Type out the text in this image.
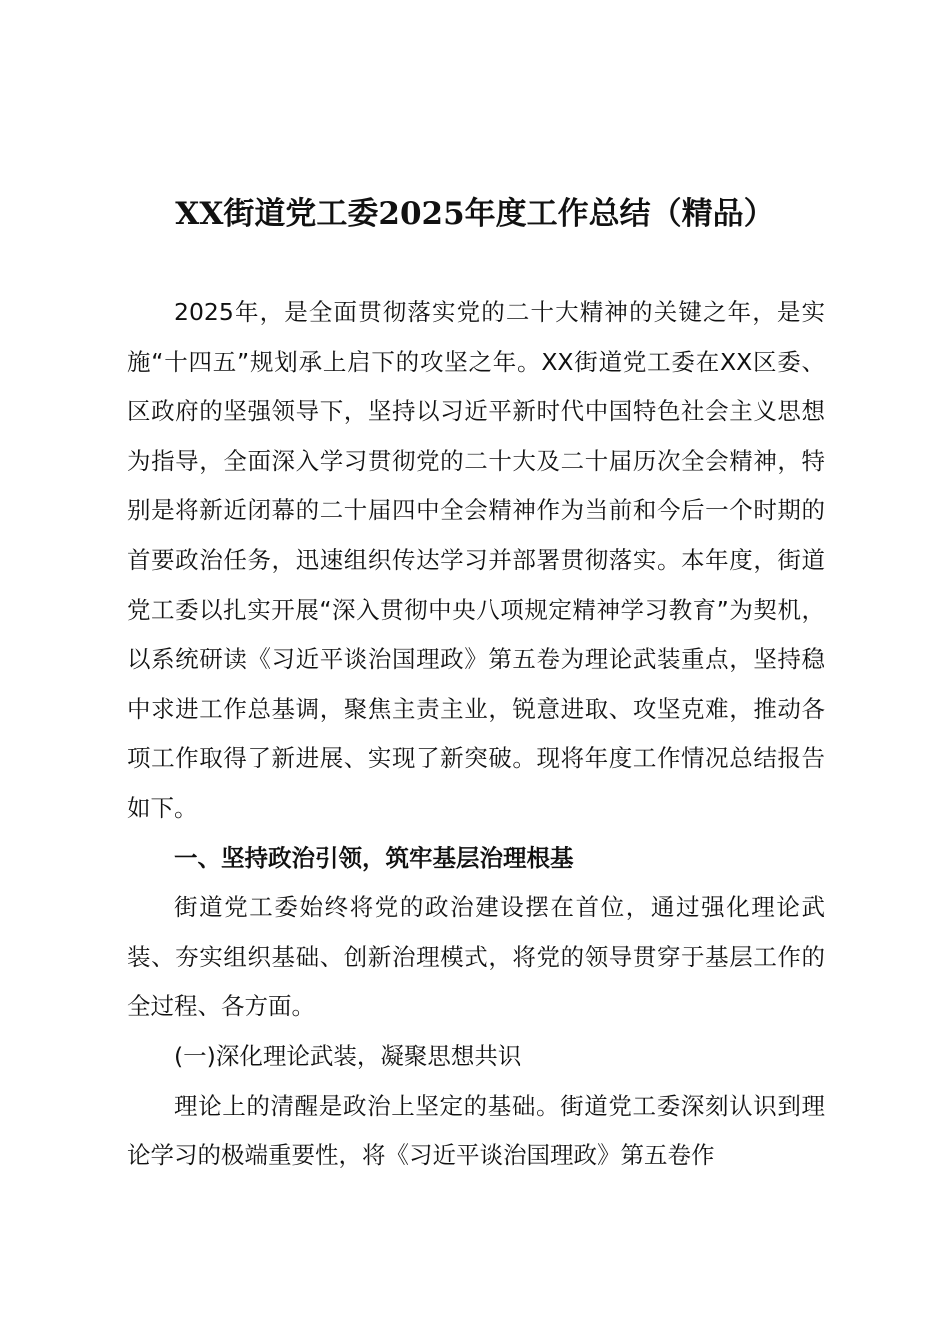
XX街道党工委2025年度工作总结（精品）

2025年，是全面贯彻落实党的二十大精神的关键之年，是实施“十四五”规划承上启下的攻坚之年。XX街道党工委在XX区委、区政府的坚强领导下，坚持以习近平新时代中国特色社会主义思想为指导，全面深入学习贯彻党的二十大及二十届历次全会精神，特别是将新近闭幕的二十届四中全会精神作为当前和今后一个时期的首要政治任务，迅速组织传达学习并部署贯彻落实。本年度，街道党工委以扎实开展“深入贯彻中央八项规定精神学习教育”为契机，以系统研读《习近平谈治国理政》第五卷为理论武装重点，坚持稳中求进工作总基调，聚焦主责主业，锐意进取、攻坚克难，推动各项工作取得了新进展、实现了新突破。现将年度工作情况总结报告如下。

一、坚持政治引领，筑牢基层治理根基

街道党工委始终将党的政治建设摆在首位，通过强化理论武装、夯实组织基础、创新治理模式，将党的领导贯穿于基层工作的全过程、各方面。

(一)深化理论武装，凝聚思想共识

理论上的清醒是政治上坚定的基础。街道党工委深刻认识到理论学习的极端重要性，将《习近平谈治国理政》第五卷作
